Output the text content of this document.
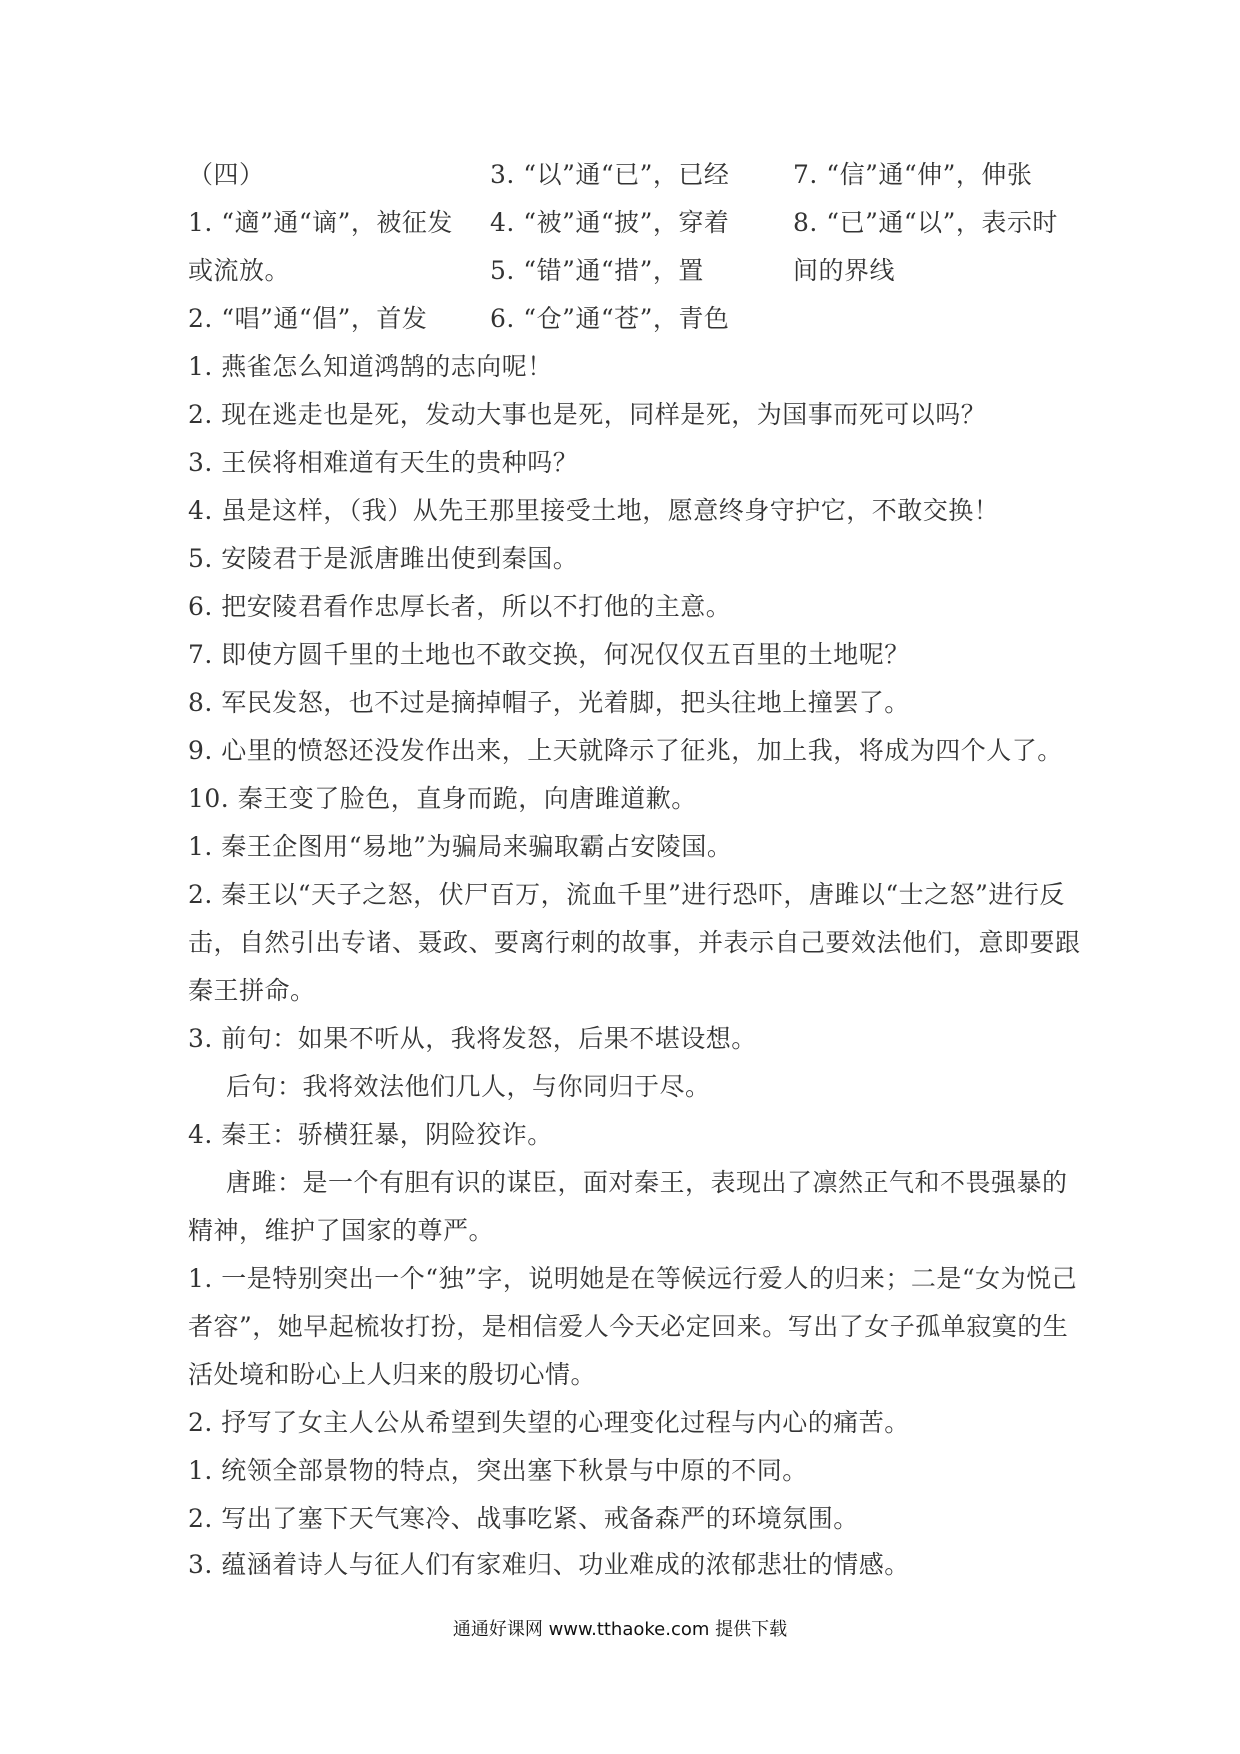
（四）
1. “適”通“谪”，被征发
或流放。
2. “唱”通“倡”，首发
3. “以”通“已”，已经
4. “被”通“披”，穿着
5. “错”通“措”，置
6. “仓”通“苍”，青色
7. “信”通“伸”，伸张
8. “已”通“以”，表示时
间的界线
1. 燕雀怎么知道鸿鹄的志向呢！
2. 现在逃走也是死，发动大事也是死，同样是死，为国事而死可以吗？
3. 王侯将相难道有天生的贵种吗？
4. 虽是这样，（我）从先王那里接受土地，愿意终身守护它，不敢交换！
5. 安陵君于是派唐雎出使到秦国。
6. 把安陵君看作忠厚长者，所以不打他的主意。
7. 即使方圆千里的土地也不敢交换，何况仅仅五百里的土地呢？
8. 军民发怒，也不过是摘掉帽子，光着脚，把头往地上撞罢了。
9. 心里的愤怒还没发作出来，上天就降示了征兆，加上我，将成为四个人了。
10. 秦王变了脸色，直身而跪，向唐雎道歉。
1. 秦王企图用“易地”为骗局来骗取霸占安陵国。
2. 秦王以“天子之怒，伏尸百万，流血千里”进行恐吓，唐雎以“士之怒”进行反
击，自然引出专诸、聂政、要离行刺的故事，并表示自己要效法他们，意即要跟
秦王拼命。
3. 前句：如果不听从，我将发怒，后果不堪设想。
后句：我将效法他们几人，与你同归于尽。
4. 秦王：骄横狂暴，阴险狡诈。
唐雎：是一个有胆有识的谋臣，面对秦王，表现出了凛然正气和不畏强暴的
精神，维护了国家的尊严。
1. 一是特别突出一个“独”字，说明她是在等候远行爱人的归来；二是“女为悦己
者容”，她早起梳妆打扮，是相信爱人今天必定回来。写出了女子孤单寂寞的生
活处境和盼心上人归来的殷切心情。
2. 抒写了女主人公从希望到失望的心理变化过程与内心的痛苦。
1. 统领全部景物的特点，突出塞下秋景与中原的不同。
2. 写出了塞下天气寒冷、战事吃紧、戒备森严的环境氛围。
3. 蕴涵着诗人与征人们有家难归、功业难成的浓郁悲壮的情感。
通通好课网 www.tthaoke.com 提供下载
